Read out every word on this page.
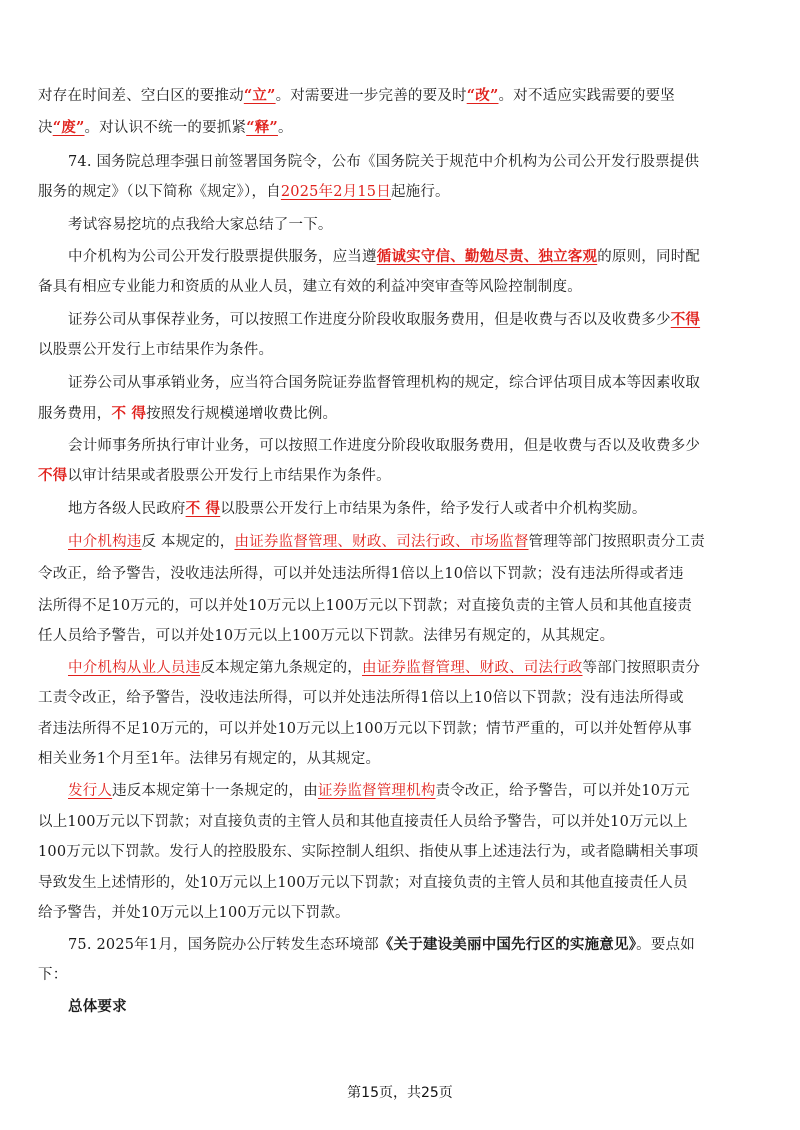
对存在时间差、空白区的要推动“立”。对需要进一步完善的要及时“改”。对不适应实践需要的要坚
决“废”。对认识不统一的要抓紧“释”。
74. 国务院总理李强日前签署国务院令，公布《国务院关于规范中介机构为公司公开发行股票提供
服务的规定》（以下简称《规定》），自2025年2月15日起施行。
考试容易挖坑的点我给大家总结了一下。
中介机构为公司公开发行股票提供服务，应当遵循诚实守信、勤勉尽责、独立客观的原则，同时配
备具有相应专业能力和资质的从业人员，建立有效的利益冲突审查等风险控制制度。
证券公司从事保荐业务，可以按照工作进度分阶段收取服务费用，但是收费与否以及收费多少不得
以股票公开发行上市结果作为条件。
证券公司从事承销业务，应当符合国务院证券监督管理机构的规定，综合评估项目成本等因素收取
服务费用，不 得按照发行规模递增收费比例。
会计师事务所执行审计业务，可以按照工作进度分阶段收取服务费用，但是收费与否以及收费多少
不得以审计结果或者股票公开发行上市结果作为条件。
地方各级人民政府不 得以股票公开发行上市结果为条件，给予发行人或者中介机构奖励。
中介机构违反 本规定的，由证券监督管理、财政、司法行政、市场监督管理等部门按照职责分工责
令改正，给予警告，没收违法所得，可以并处违法所得1倍以上10倍以下罚款；没有违法所得或者违
法所得不足10万元的，可以并处10万元以上100万元以下罚款；对直接负责的主管人员和其他直接责
任人员给予警告，可以并处10万元以上100万元以下罚款。法律另有规定的，从其规定。
中介机构从业人员违反本规定第九条规定的，由证券监督管理、财政、司法行政等部门按照职责分
工责令改正，给予警告，没收违法所得，可以并处违法所得1倍以上10倍以下罚款；没有违法所得或
者违法所得不足10万元的，可以并处10万元以上100万元以下罚款；情节严重的，可以并处暂停从事
相关业务1个月至1年。法律另有规定的，从其规定。
发行人违反本规定第十一条规定的，由证券监督管理机构责令改正，给予警告，可以并处10万元
以上100万元以下罚款；对直接负责的主管人员和其他直接责任人员给予警告，可以并处10万元以上
100万元以下罚款。发行人的控股股东、实际控制人组织、指使从事上述违法行为，或者隐瞒相关事项
导致发生上述情形的，处10万元以上100万元以下罚款；对直接负责的主管人员和其他直接责任人员
给予警告，并处10万元以上100万元以下罚款。
75. 2025年1月，国务院办公厅转发生态环境部《关于建设美丽中国先行区的实施意见》。要点如
下：
总体要求
第15页，共25页
